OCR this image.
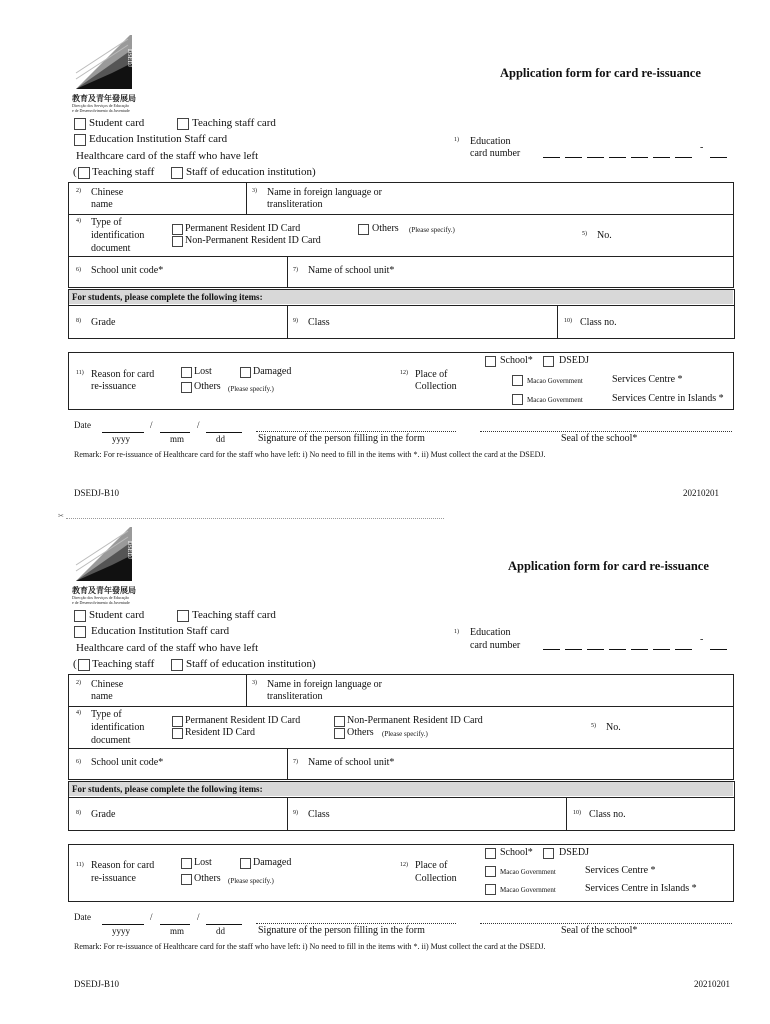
DSEDJ
教育及青年發展局
Direcção dos Serviços de Educação
e de Desenvolvimento da Juventude
Application form for card re-issuance
Student card	Teaching staff card
Education Institution Staff card
Healthcare card of the staff who have left
( Teaching staff	Staff of education institution)
1) Education
card number
-
2) Chinese
name
3) Name in foreign language or
transliteration
4) Type of
identification
document
Permanent Resident ID Card
Non-Permanent Resident ID Card
Others (Please specify.)	5) No.
6) School unit code*	7) Name of school unit*
For students, please complete the following items:
8) Grade	9) Class	10) Class no.
11) Reason for card
re-issuance
Lost	Damaged
Others (Please specify.)
12) Place of
Collection
School*	DSEDJ
Macao Government	Services Centre *
Macao Government	Services Centre in Islands *
Date	/	/
yyyy	mm	dd	Signature of the person filling in the form	Seal of the school*
Remark: For re-issuance of Healthcare card for the staff who have left: i) No need to fill in the items with *. ii) Must collect the card at the DSEDJ.
DSEDJ-B10	20210201
✂
DSEDJ
教育及青年發展局
Direcção dos Serviços de Educação
e de Desenvolvimento da Juventude
Application form for card re-issuance
Student card	Teaching staff card
Education Institution Staff card
Healthcare card of the staff who have left
( Teaching staff	Staff of education institution)
1) Education
card number
-
2) Chinese
name
3) Name in foreign language or
transliteration
4) Type of
identification
document
Permanent Resident ID Card
Resident ID Card
Non-Permanent Resident ID Card
Others (Please specify.)
5) No.
6) School unit code*	7) Name of school unit*
For students, please complete the following items:
8) Grade	9) Class	10) Class no.
11) Reason for card
re-issuance
Lost	Damaged
Others (Please specify.)
12) Place of
Collection
School*	DSEDJ
Macao Government	Services Centre *
Macao Government	Services Centre in Islands *
Date	/	/
yyyy	mm	dd	Signature of the person filling in the form	Seal of the school*
Remark: For re-issuance of Healthcare card for the staff who have left: i) No need to fill in the items with *. ii) Must collect the card at the DSEDJ.
DSEDJ-B10	20210201
